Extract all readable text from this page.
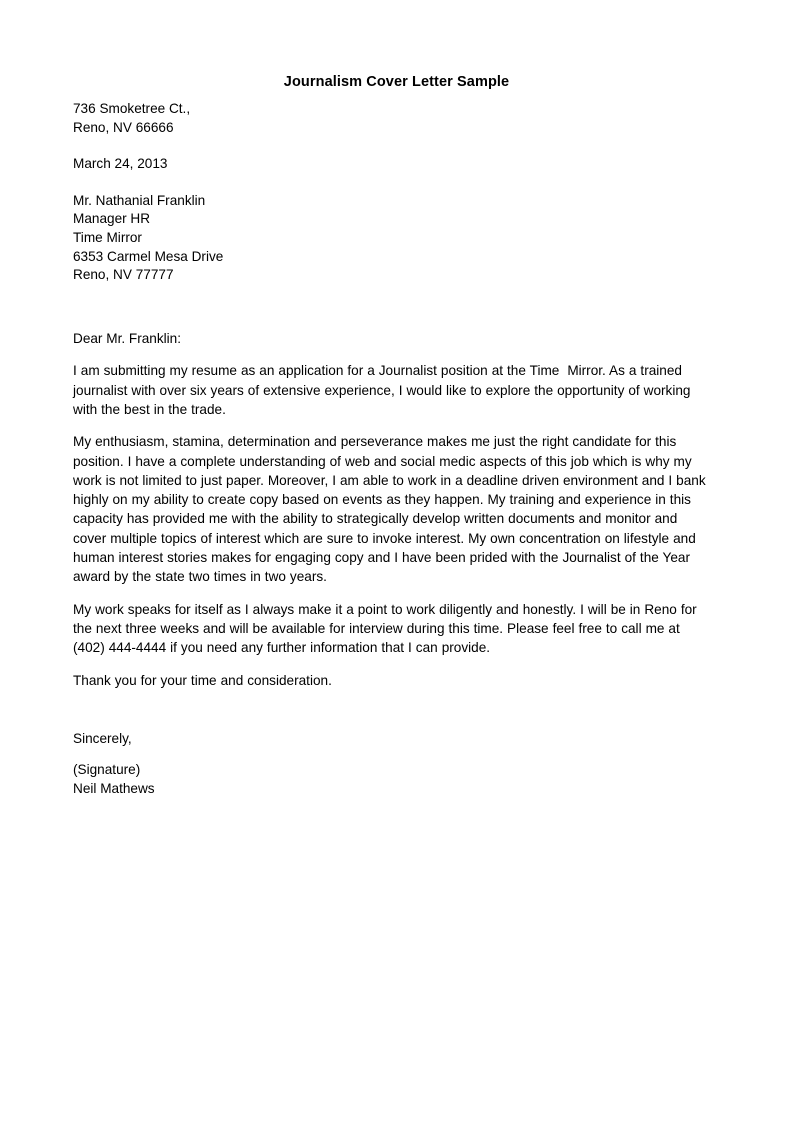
Journalism Cover Letter Sample
736 Smoketree Ct.,
Reno, NV 66666
March 24, 2013
Mr. Nathanial Franklin
Manager HR
Time Mirror
6353 Carmel Mesa Drive
Reno, NV 77777
Dear Mr. Franklin:
I am submitting my resume as an application for a Journalist position at the Time  Mirror. As a trained journalist with over six years of extensive experience, I would like to explore the opportunity of working with the best in the trade.
My enthusiasm, stamina, determination and perseverance makes me just the right candidate for this position. I have a complete understanding of web and social medic aspects of this job which is why my work is not limited to just paper. Moreover, I am able to work in a deadline driven environment and I bank highly on my ability to create copy based on events as they happen. My training and experience in this capacity has provided me with the ability to strategically develop written documents and monitor and cover multiple topics of interest which are sure to invoke interest. My own concentration on lifestyle and human interest stories makes for engaging copy and I have been prided with the Journalist of the Year award by the state two times in two years.
My work speaks for itself as I always make it a point to work diligently and honestly. I will be in Reno for the next three weeks and will be available for interview during this time. Please feel free to call me at (402) 444-4444 if you need any further information that I can provide.
Thank you for your time and consideration.
Sincerely,
(Signature)
Neil Mathews
